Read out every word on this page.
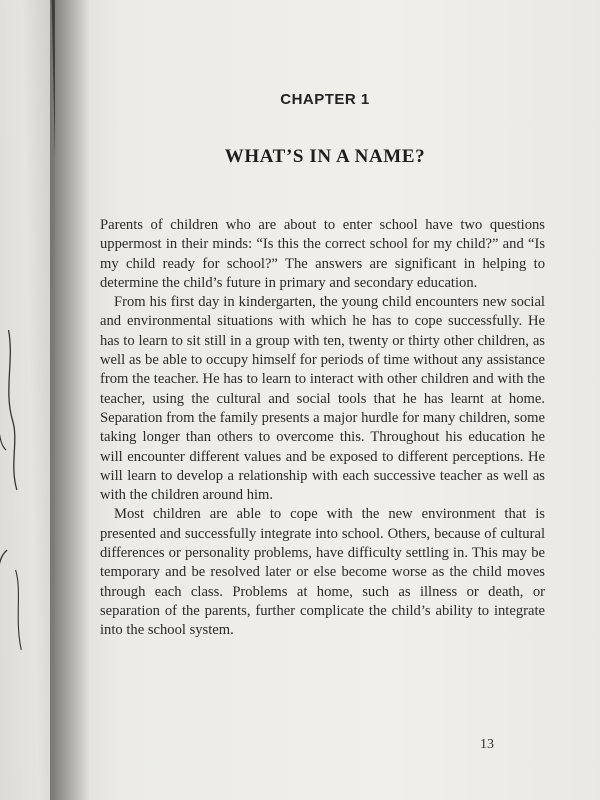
CHAPTER 1
WHAT’S IN A NAME?

Parents of children who are about to enter school have two questions uppermost in their minds: “Is this the correct school for my child?” and “Is my child ready for school?” The answers are significant in helping to determine the child’s future in primary and secondary education.

From his first day in kindergarten, the young child encounters new social and environmental situations with which he has to cope successfully. He has to learn to sit still in a group with ten, twenty or thirty other children, as well as be able to occupy himself for periods of time without any assistance from the teacher. He has to learn to interact with other children and with the teacher, using the cultural and social tools that he has learnt at home. Separation from the family presents a major hurdle for many children, some taking longer than others to overcome this. Throughout his education he will encounter different values and be exposed to different perceptions. He will learn to develop a relationship with each successive teacher as well as with the children around him.

Most children are able to cope with the new environment that is presented and successfully integrate into school. Others, because of cultural differences or personality problems, have difficulty settling in. This may be temporary and be resolved later or else become worse as the child moves through each class. Problems at home, such as illness or death, or separation of the parents, further complicate the child’s ability to integrate into the school system.

13
